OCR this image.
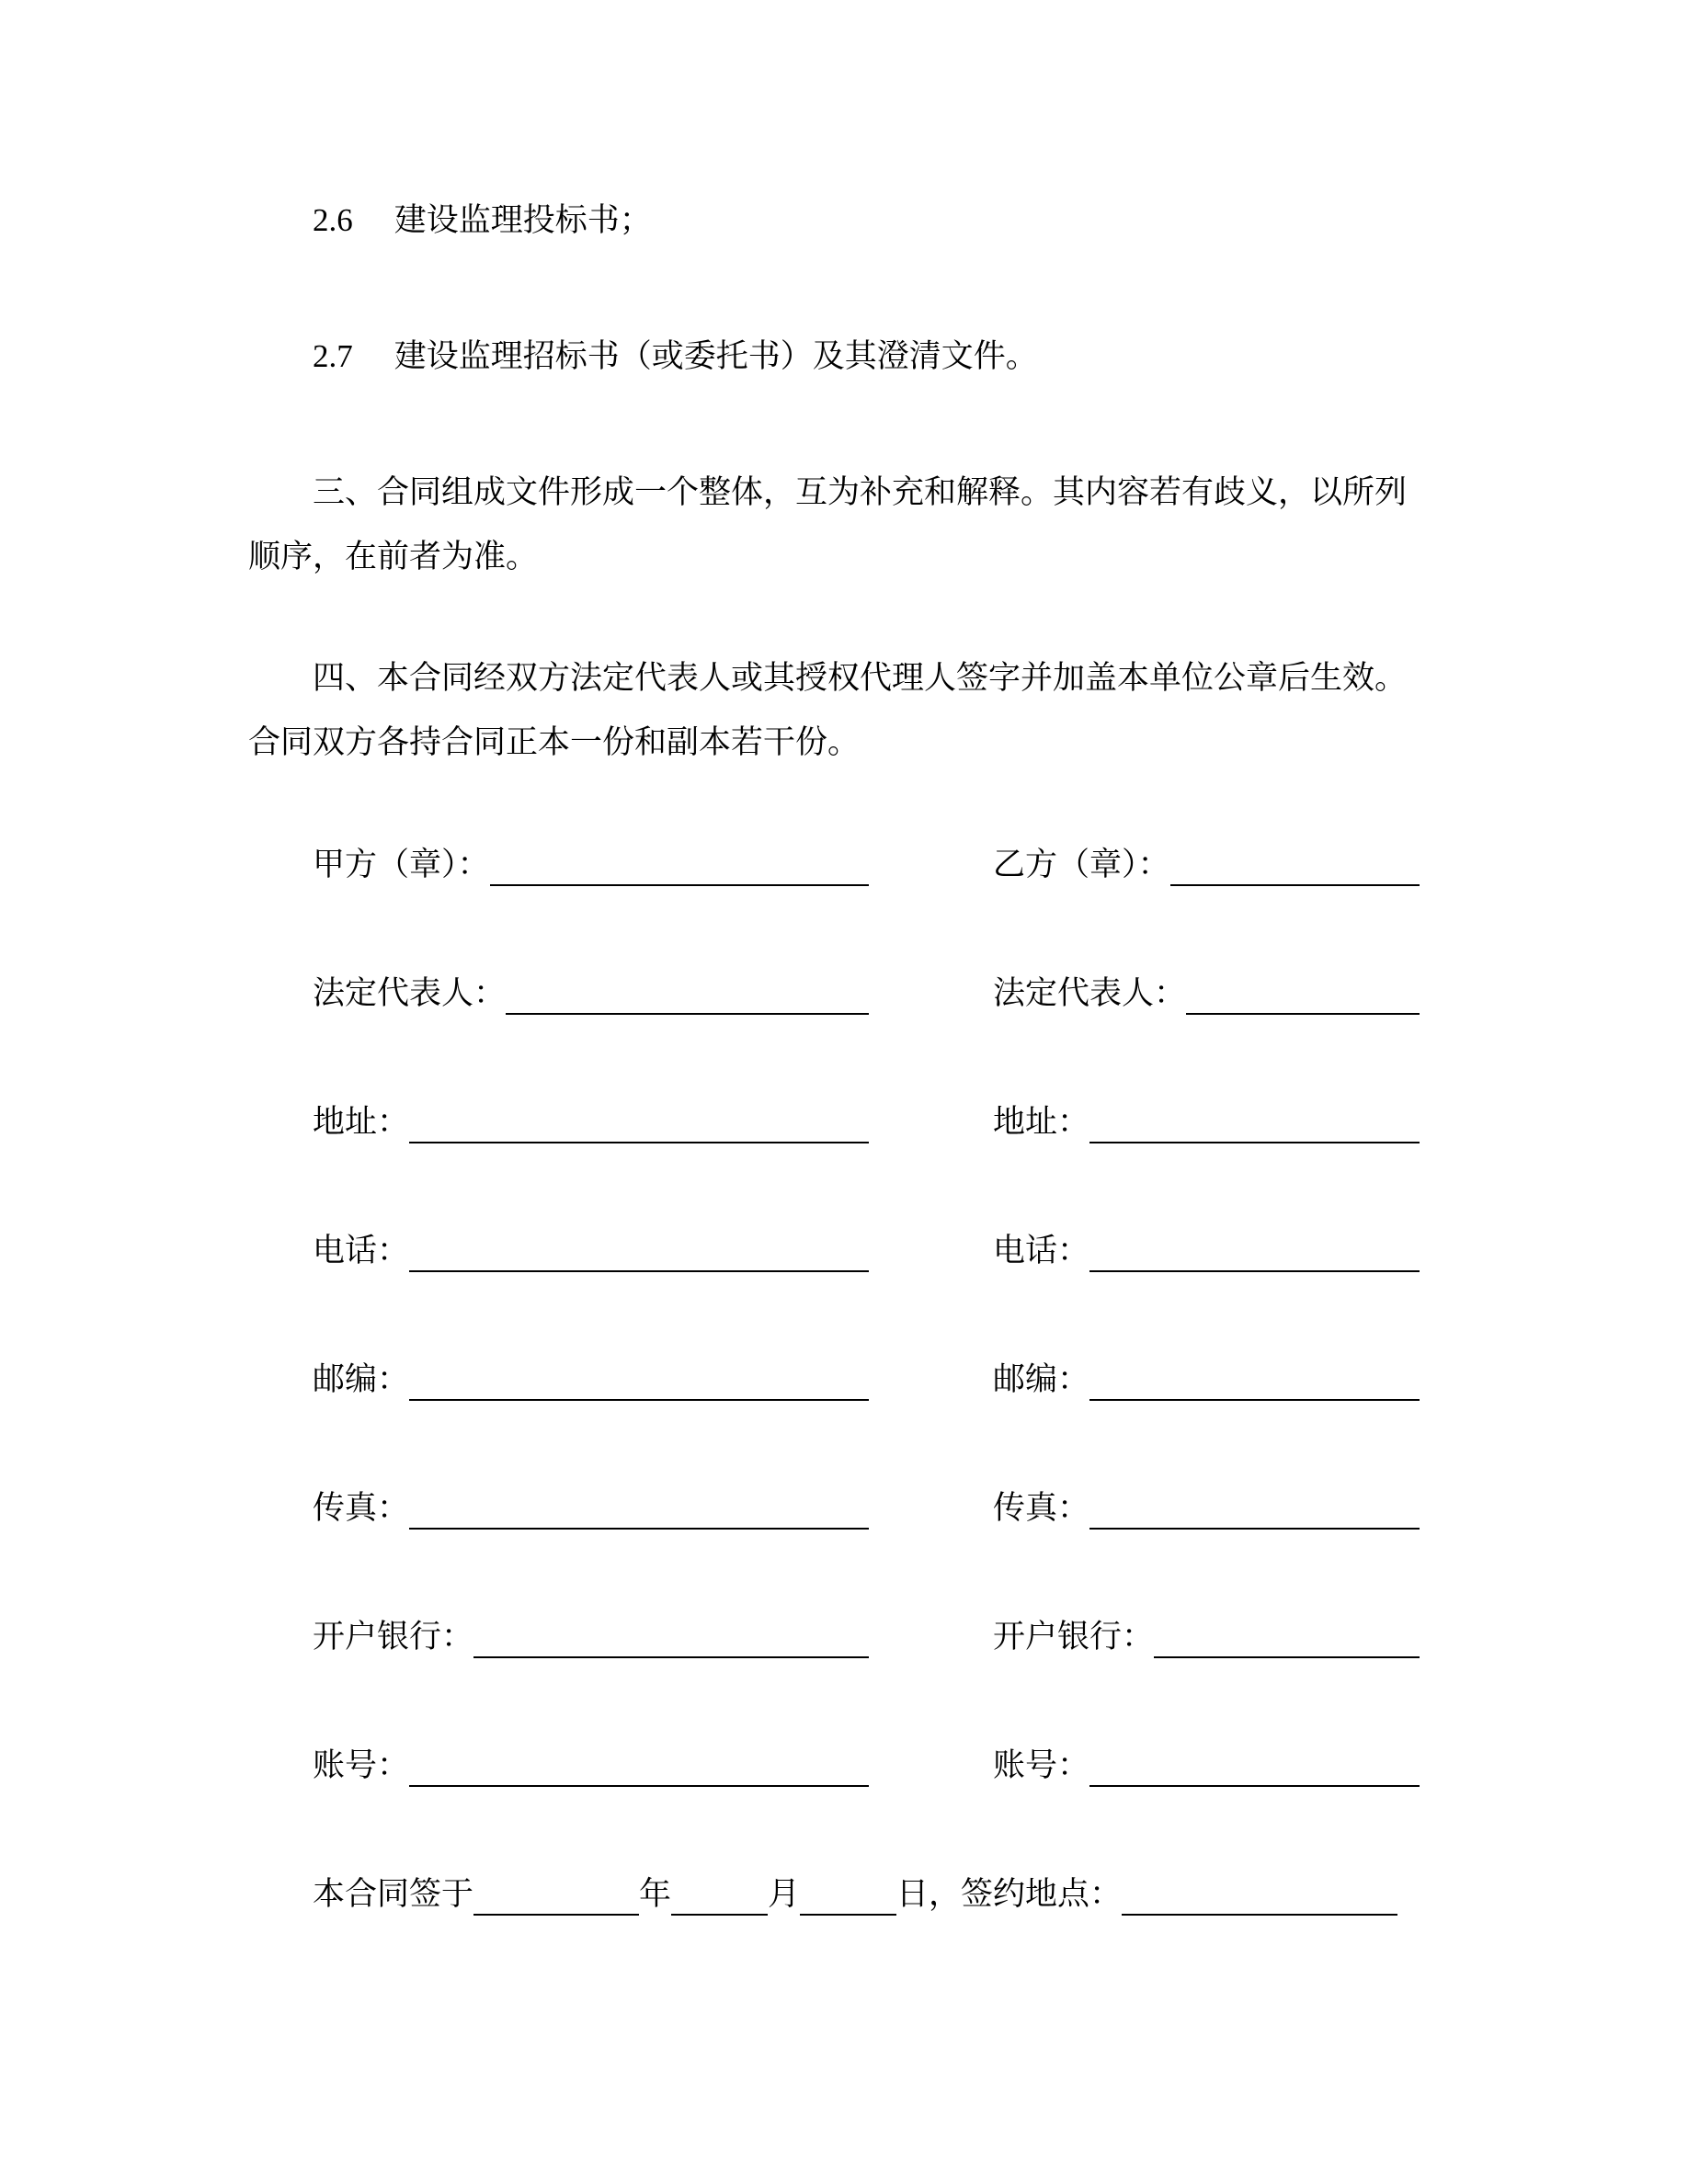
2.6 建设监理投标书；
2.7 建设监理招标书（或委托书）及其澄清文件。

三、合同组成文件形成一个整体，互为补充和解释。其内容若有歧义，以所列
顺序，在前者为准。

四、本合同经双方法定代表人或其授权代理人签字并加盖本单位公章后生效。
合同双方各持合同正本一份和副本若干份。

甲方（章）：	乙方（章）：
法定代表人：	法定代表人：
地址：	地址：
电话：	电话：
邮编：	邮编：
传真：	传真：
开户银行：	开户银行：
账号：	账号：
本合同签于	年	月	日，签约地点：
